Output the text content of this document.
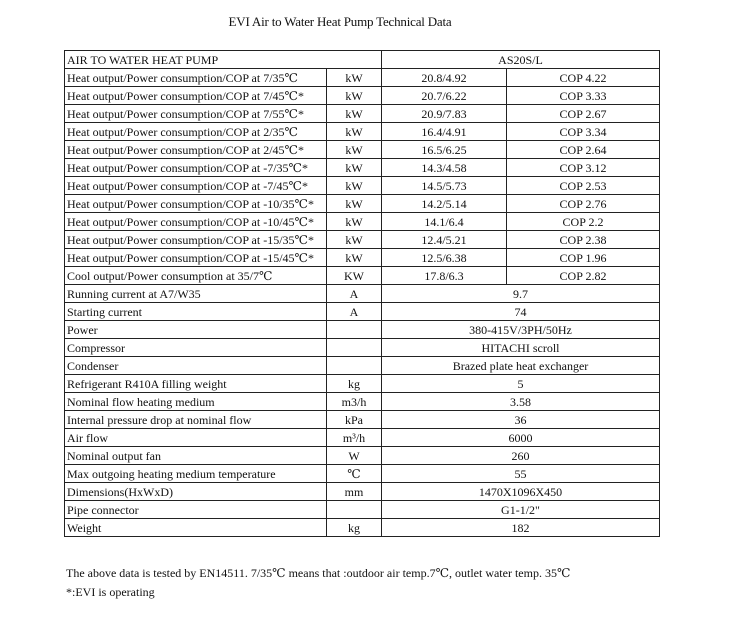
EVI Air to Water Heat Pump Technical Data
AIR TO WATER HEAT PUMP		AS20S/L	
Heat output/Power consumption/COP at 7/35℃	kW	20.8/4.92	COP 4.22
Heat output/Power consumption/COP at 7/45℃*	kW	20.7/6.22	COP 3.33
Heat output/Power consumption/COP at 7/55℃*	kW	20.9/7.83	COP 2.67
Heat output/Power consumption/COP at 2/35℃	kW	16.4/4.91	COP 3.34
Heat output/Power consumption/COP at 2/45℃*	kW	16.5/6.25	COP 2.64
Heat output/Power consumption/COP at -7/35℃*	kW	14.3/4.58	COP 3.12
Heat output/Power consumption/COP at -7/45℃*	kW	14.5/5.73	COP 2.53
Heat output/Power consumption/COP at -10/35℃*	kW	14.2/5.14	COP 2.76
Heat output/Power consumption/COP at -10/45℃*	kW	14.1/6.4	COP 2.2
Heat output/Power consumption/COP at -15/35℃*	kW	12.4/5.21	COP 2.38
Heat output/Power consumption/COP at -15/45℃*	kW	12.5/6.38	COP 1.96
Cool output/Power consumption at 35/7℃	KW	17.8/6.3	COP 2.82
Running current at A7/W35	A	9.7	
Starting current	A	74	
Power		380-415V/3PH/50Hz	
Compressor		HITACHI scroll	
Condenser		Brazed plate heat exchanger	
Refrigerant R410A filling weight	kg	5	
Nominal flow heating medium	m3/h	3.58	
Internal pressure drop at nominal flow	kPa	36	
Air flow	m³/h	6000	
Nominal output fan	W	260	
Max outgoing heating medium temperature	℃	55	
Dimensions(HxWxD)	mm	1470X1096X450	
Pipe connector		G1-1/2"	
Weight	kg	182	
The above data is tested by EN14511. 7/35℃ means that :outdoor air temp.7℃, outlet water temp. 35℃
*:EVI is operating
